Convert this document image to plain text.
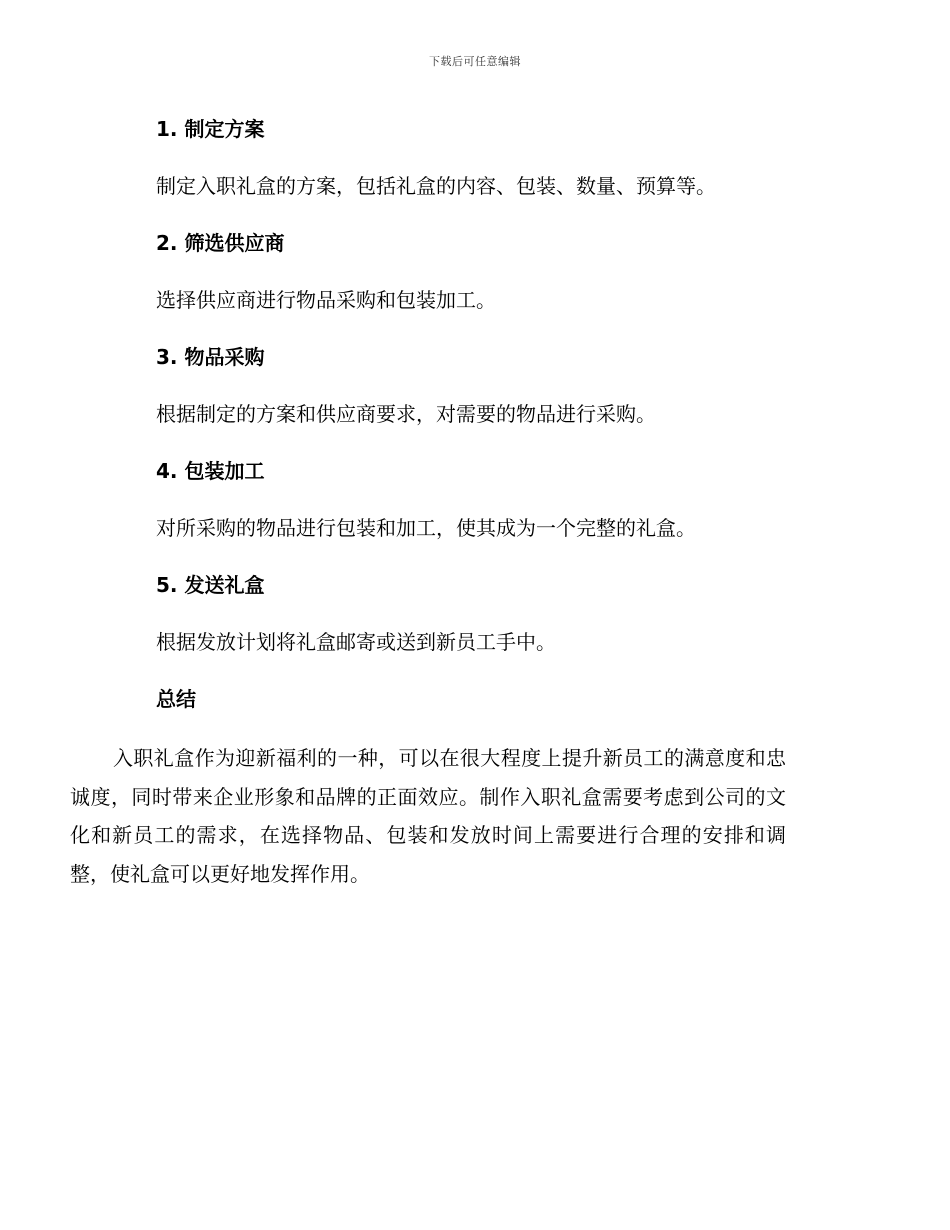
下载后可任意编辑
1. 制定方案
制定入职礼盒的方案，包括礼盒的内容、包装、数量、预算等。
2. 筛选供应商
选择供应商进行物品采购和包装加工。
3. 物品采购
根据制定的方案和供应商要求，对需要的物品进行采购。
4. 包装加工
对所采购的物品进行包装和加工，使其成为一个完整的礼盒。
5. 发送礼盒
根据发放计划将礼盒邮寄或送到新员工手中。
总结
入职礼盒作为迎新福利的一种，可以在很大程度上提升新员工的满意度和忠诚度，同时带来企业形象和品牌的正面效应。制作入职礼盒需要考虑到公司的文化和新员工的需求，在选择物品、包装和发放时间上需要进行合理的安排和调整，使礼盒可以更好地发挥作用。
